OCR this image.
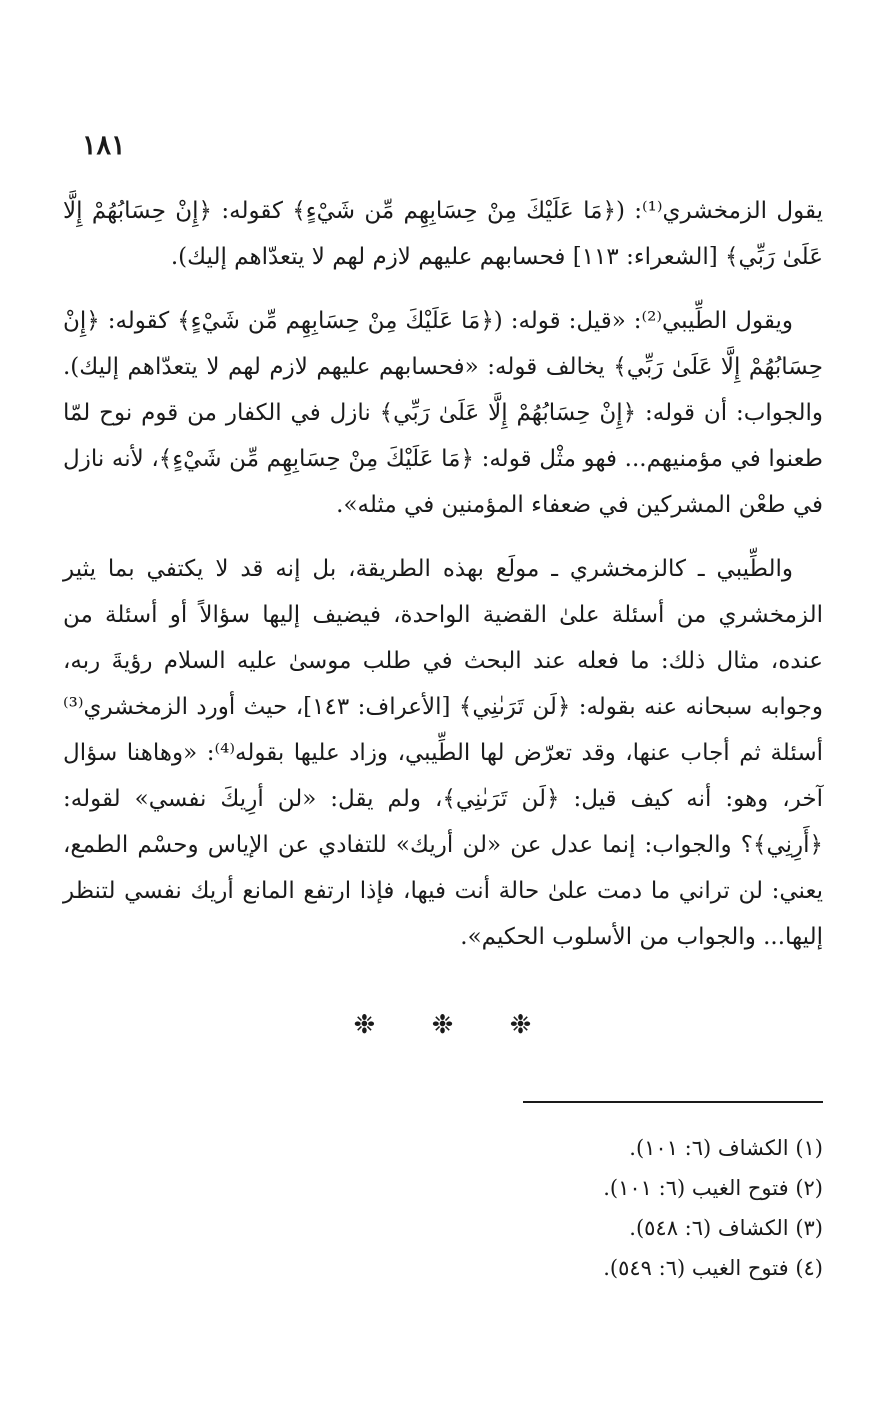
١٨١

يقول الزمخشري⁽¹⁾: (﴿مَا عَلَيْكَ مِنْ حِسَابِهِم مِّن شَيْءٍ﴾ كقوله: ﴿إِنْ حِسَابُهُمْ إِلَّا عَلَىٰ رَبِّي﴾ [الشعراء: ١١٣] فحسابهم عليهم لازم لهم لا يتعدّاهم إليك).

ويقول الطِّيبي⁽²⁾: «قيل: قوله: (﴿مَا عَلَيْكَ مِنْ حِسَابِهِم مِّن شَيْءٍ﴾ كقوله: ﴿إِنْ حِسَابُهُمْ إِلَّا عَلَىٰ رَبِّي﴾ يخالف قوله: «فحسابهم عليهم لازم لهم لا يتعدّاهم إليك). والجواب: أن قوله: ﴿إِنْ حِسَابُهُمْ إِلَّا عَلَىٰ رَبِّي﴾ نازل في الكفار من قوم نوح لمّا طعنوا في مؤمنيهم... فهو مثْل قوله: ﴿مَا عَلَيْكَ مِنْ حِسَابِهِم مِّن شَيْءٍ﴾، لأنه نازل في طعْن المشركين في ضعفاء المؤمنين في مثله».

والطِّيبي ـ كالزمخشري ـ مولَع بهذه الطريقة، بل إنه قد لا يكتفي بما يثير الزمخشري من أسئلة علىٰ القضية الواحدة، فيضيف إليها سؤالاً أو أسئلة من عنده، مثال ذلك: ما فعله عند البحث في طلب موسىٰ عليه السلام رؤيةَ ربه، وجوابه سبحانه عنه بقوله: ﴿لَن تَرَىٰنِي﴾ [الأعراف: ١٤٣]، حيث أورد الزمخشري⁽³⁾ أسئلة ثم أجاب عنها، وقد تعرّض لها الطِّيبي، وزاد عليها بقوله⁽⁴⁾: «وهاهنا سؤال آخر، وهو: أنه كيف قيل: ﴿لَن تَرَىٰنِي﴾، ولم يقل: «لن أرِيكَ نفسي» لقوله: ﴿أَرِنِي﴾؟ والجواب: إنما عدل عن «لن أريك» للتفادي عن الإياس وحسْم الطمع، يعني: لن تراني ما دمت علىٰ حالة أنت فيها، فإذا ارتفع المانع أريك نفسي لتنظر إليها... والجواب من الأسلوب الحكيم».

❉ ❉ ❉
(١) الكشاف (٦: ١٠١).
(٢) فتوح الغيب (٦: ١٠١).
(٣) الكشاف (٦: ٥٤٨).
(٤) فتوح الغيب (٦: ٥٤٩).
